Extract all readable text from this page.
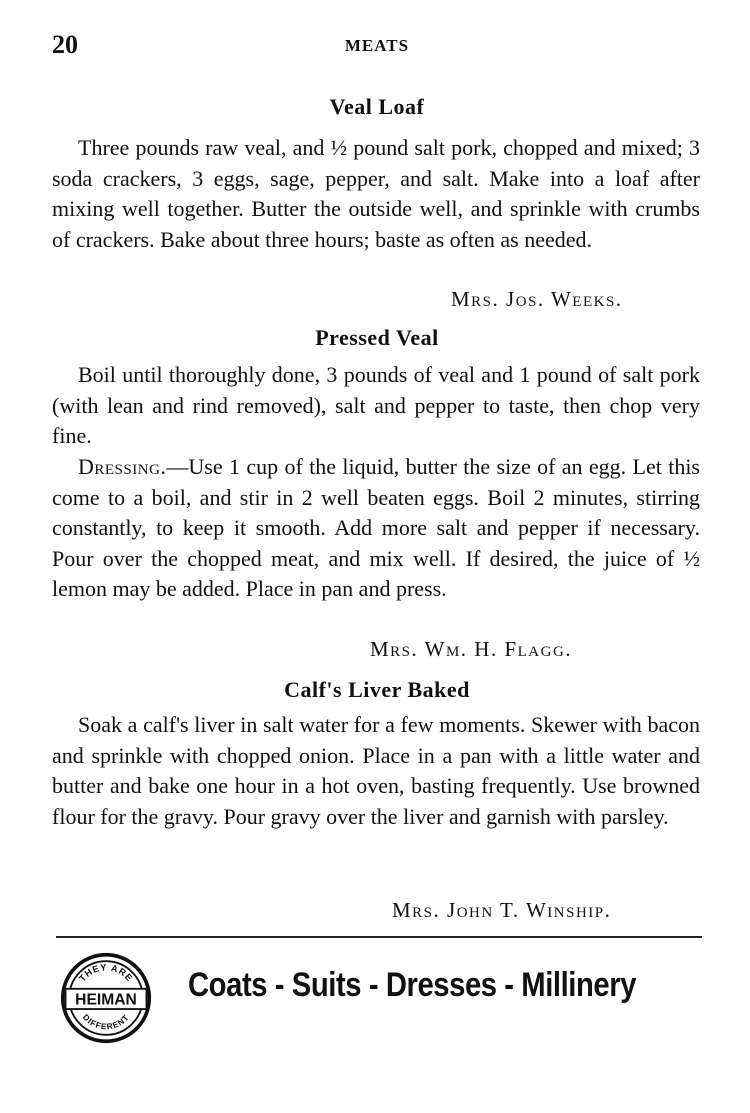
20	MEATS
Veal Loaf

Three pounds raw veal, and ½ pound salt pork, chopped and mixed; 3 soda crackers, 3 eggs, sage, pepper, and salt. Make into a loaf after mixing well together. Butter the outside well, and sprinkle with crumbs of crackers. Bake about three hours; baste as often as needed.

Mrs. Jos. Weeks.
Pressed Veal

Boil until thoroughly done, 3 pounds of veal and 1 pound of salt pork (with lean and rind removed), salt and pepper to taste, then chop very fine.

Dressing.—Use 1 cup of the liquid, butter the size of an egg. Let this come to a boil, and stir in 2 well beaten eggs. Boil 2 minutes, stirring constantly, to keep it smooth. Add more salt and pepper if necessary. Pour over the chopped meat, and mix well. If desired, the juice of ½ lemon may be added. Place in pan and press.

Mrs. Wm. H. Flagg.
Calf's Liver Baked

Soak a calf's liver in salt water for a few moments. Skewer with bacon and sprinkle with chopped onion. Place in a pan with a little water and butter and bake one hour in a hot oven, basting frequently. Use browned flour for the gravy. Pour gravy over the liver and garnish with parsley.

Mrs. John T. Winship.
THEY ARE
HEIMAN
DIFFERENT
Coats - Suits - Dresses - Millinery
